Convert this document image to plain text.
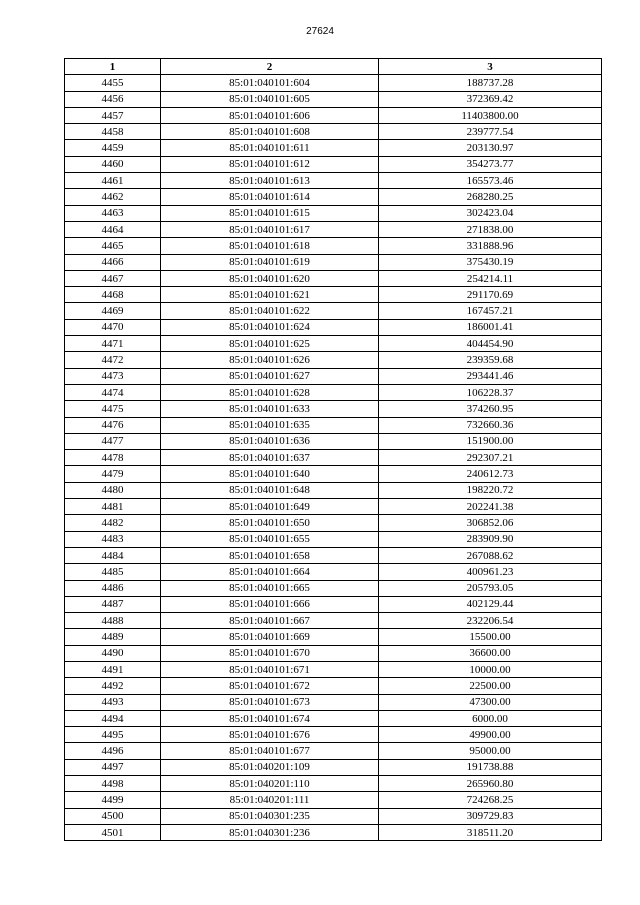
27624
1	2	3
4455	85:01:040101:604	188737.28
4456	85:01:040101:605	372369.42
4457	85:01:040101:606	11403800.00
4458	85:01:040101:608	239777.54
4459	85:01:040101:611	203130.97
4460	85:01:040101:612	354273.77
4461	85:01:040101:613	165573.46
4462	85:01:040101:614	268280.25
4463	85:01:040101:615	302423.04
4464	85:01:040101:617	271838.00
4465	85:01:040101:618	331888.96
4466	85:01:040101:619	375430.19
4467	85:01:040101:620	254214.11
4468	85:01:040101:621	291170.69
4469	85:01:040101:622	167457.21
4470	85:01:040101:624	186001.41
4471	85:01:040101:625	404454.90
4472	85:01:040101:626	239359.68
4473	85:01:040101:627	293441.46
4474	85:01:040101:628	106228.37
4475	85:01:040101:633	374260.95
4476	85:01:040101:635	732660.36
4477	85:01:040101:636	151900.00
4478	85:01:040101:637	292307.21
4479	85:01:040101:640	240612.73
4480	85:01:040101:648	198220.72
4481	85:01:040101:649	202241.38
4482	85:01:040101:650	306852.06
4483	85:01:040101:655	283909.90
4484	85:01:040101:658	267088.62
4485	85:01:040101:664	400961.23
4486	85:01:040101:665	205793.05
4487	85:01:040101:666	402129.44
4488	85:01:040101:667	232206.54
4489	85:01:040101:669	15500.00
4490	85:01:040101:670	36600.00
4491	85:01:040101:671	10000.00
4492	85:01:040101:672	22500.00
4493	85:01:040101:673	47300.00
4494	85:01:040101:674	6000.00
4495	85:01:040101:676	49900.00
4496	85:01:040101:677	95000.00
4497	85:01:040201:109	191738.88
4498	85:01:040201:110	265960.80
4499	85:01:040201:111	724268.25
4500	85:01:040301:235	309729.83
4501	85:01:040301:236	318511.20
